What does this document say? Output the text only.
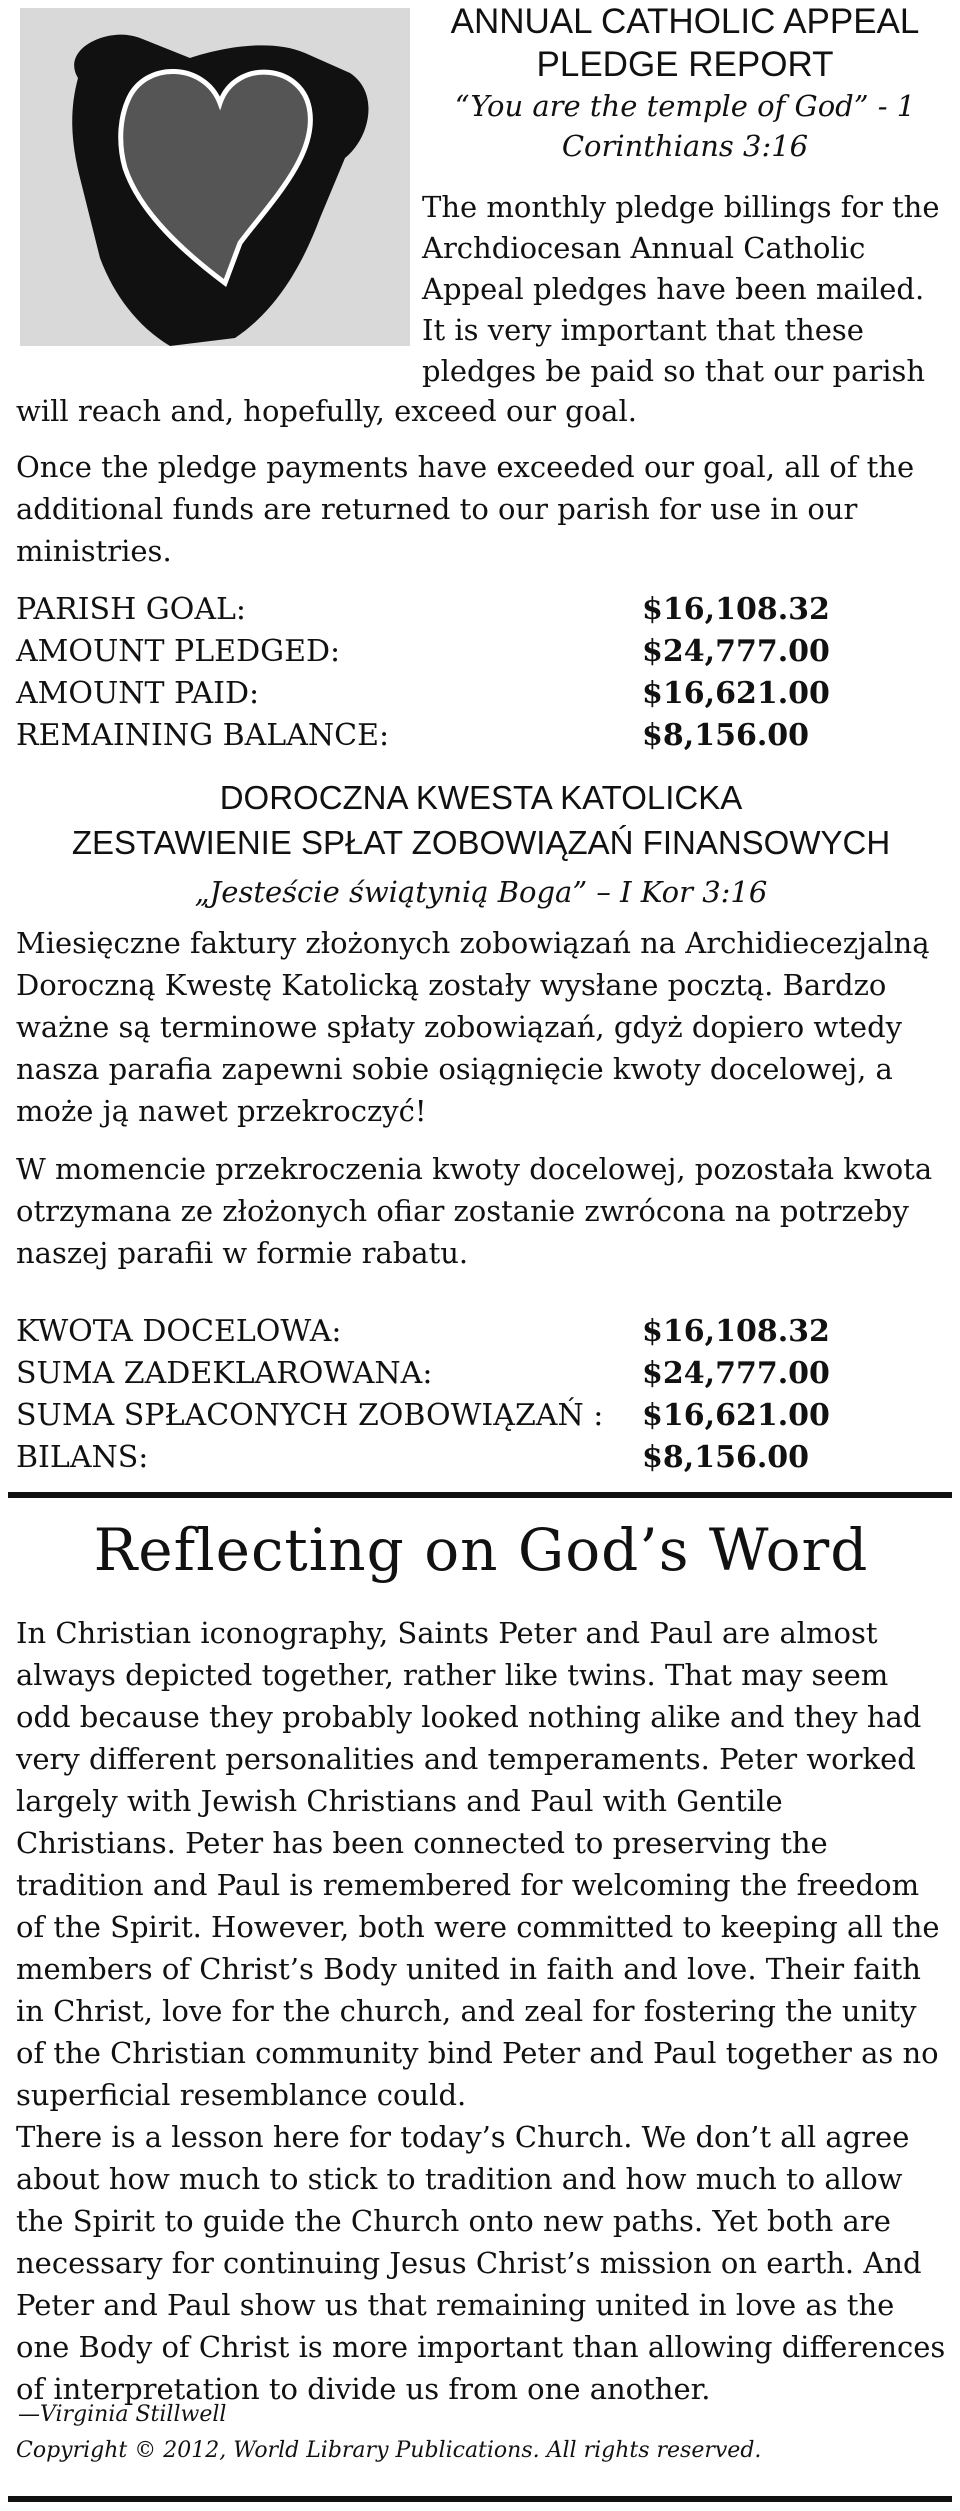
ANNUAL CATHOLIC APPEAL
PLEDGE REPORT
“You are the temple of God” - 1 Corinthians 3:16

The monthly pledge billings for the Archdiocesan Annual Catholic Appeal pledges have been mailed. It is very important that these pledges be paid so that our parish

will reach and, hopefully, exceed our goal.

Once the pledge payments have exceeded our goal, all of the additional funds are returned to our parish for use in our ministries.

PARISH GOAL:	$16,108.32
AMOUNT PLEDGED:	$24,777.00
AMOUNT PAID:	$16,621.00
REMAINING BALANCE:	$8,156.00
DOROCZNA KWESTA KATOLICKA
ZESTAWIENIE SPŁAT ZOBOWIĄZAŃ FINANSOWYCH
„Jesteście świątynią Boga” – I Kor 3:16

Miesięczne faktury złożonych zobowiązań na Archidiecezjalną Doroczną Kwestę Katolicką zostały wysłane pocztą. Bardzo ważne są terminowe spłaty zobowiązań, gdyż dopiero wtedy nasza parafia zapewni sobie osiągnięcie kwoty docelowej, a może ją nawet przekroczyć!

W momencie przekroczenia kwoty docelowej, pozostała kwota otrzymana ze złożonych ofiar zostanie zwrócona na potrzeby naszej parafii w formie rabatu.

KWOTA DOCELOWA:	$16,108.32
SUMA ZADEKLAROWANA:	$24,777.00
SUMA SPŁACONYCH ZOBOWIĄZAŃ :	$16,621.00
BILANS:	$8,156.00
Reflecting on God’s Word

In Christian iconography, Saints Peter and Paul are almost always depicted together, rather like twins. That may seem odd because they probably looked nothing alike and they had very different personalities and temperaments. Peter worked largely with Jewish Christians and Paul with Gentile Christians. Peter has been connected to preserving the tradition and Paul is remembered for welcoming the freedom of the Spirit. However, both were committed to keeping all the members of Christ’s Body united in faith and love. Their faith in Christ, love for the church, and zeal for fostering the unity of the Christian community bind Peter and Paul together as no superficial resemblance could.

There is a lesson here for today’s Church. We don’t all agree about how much to stick to tradition and how much to allow the Spirit to guide the Church onto new paths. Yet both are necessary for continuing Jesus Christ’s mission on earth. And Peter and Paul show us that remaining united in love as the one Body of Christ is more important than allowing differences of interpretation to divide us from one another.

—Virginia Stillwell
Copyright © 2012, World Library Publications. All rights reserved.
